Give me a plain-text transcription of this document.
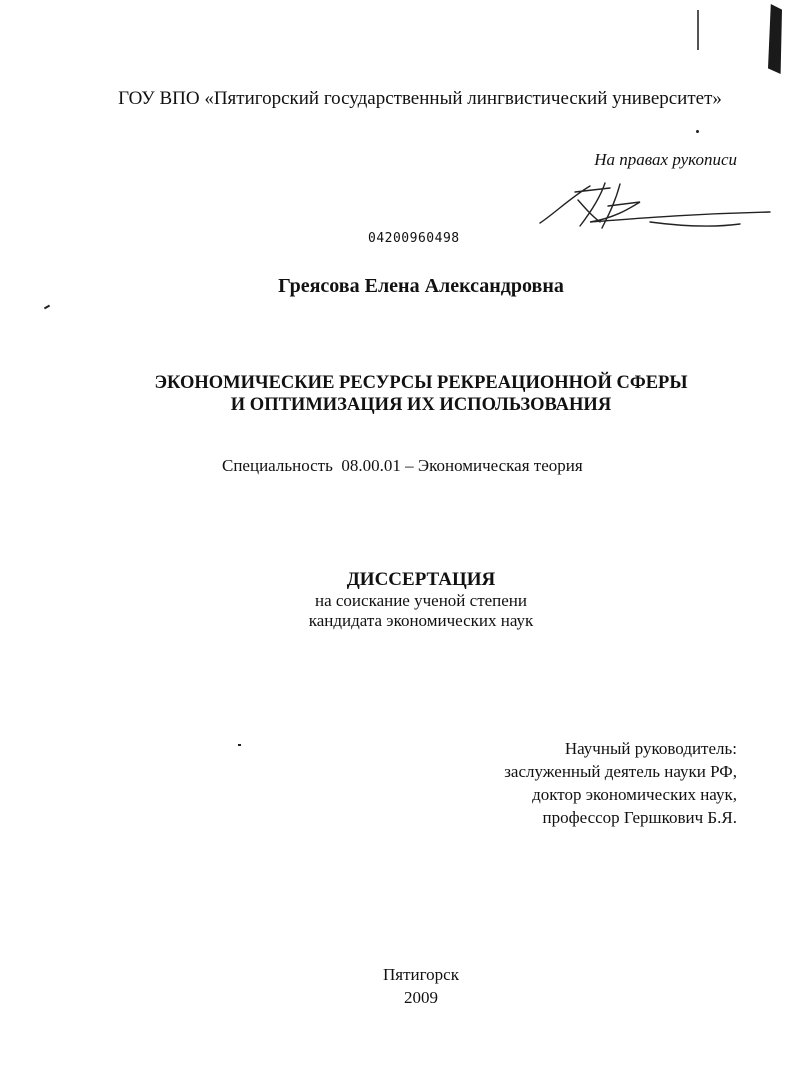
ГОУ ВПО «Пятигорский государственный лингвистический университет»

На правах рукописи

04200960498

Греясова Елена Александровна

ЭКОНОМИЧЕСКИЕ РЕСУРСЫ РЕКРЕАЦИОННОЙ СФЕРЫ
И ОПТИМИЗАЦИЯ ИХ ИСПОЛЬЗОВАНИЯ

Специальность  08.00.01 – Экономическая теория

ДИССЕРТАЦИЯ
на соискание ученой степени
кандидата экономических наук
Научный руководитель:
заслуженный деятель науки РФ,
доктор экономических наук,
профессор Гершкович Б.Я.
Пятигорск
2009
